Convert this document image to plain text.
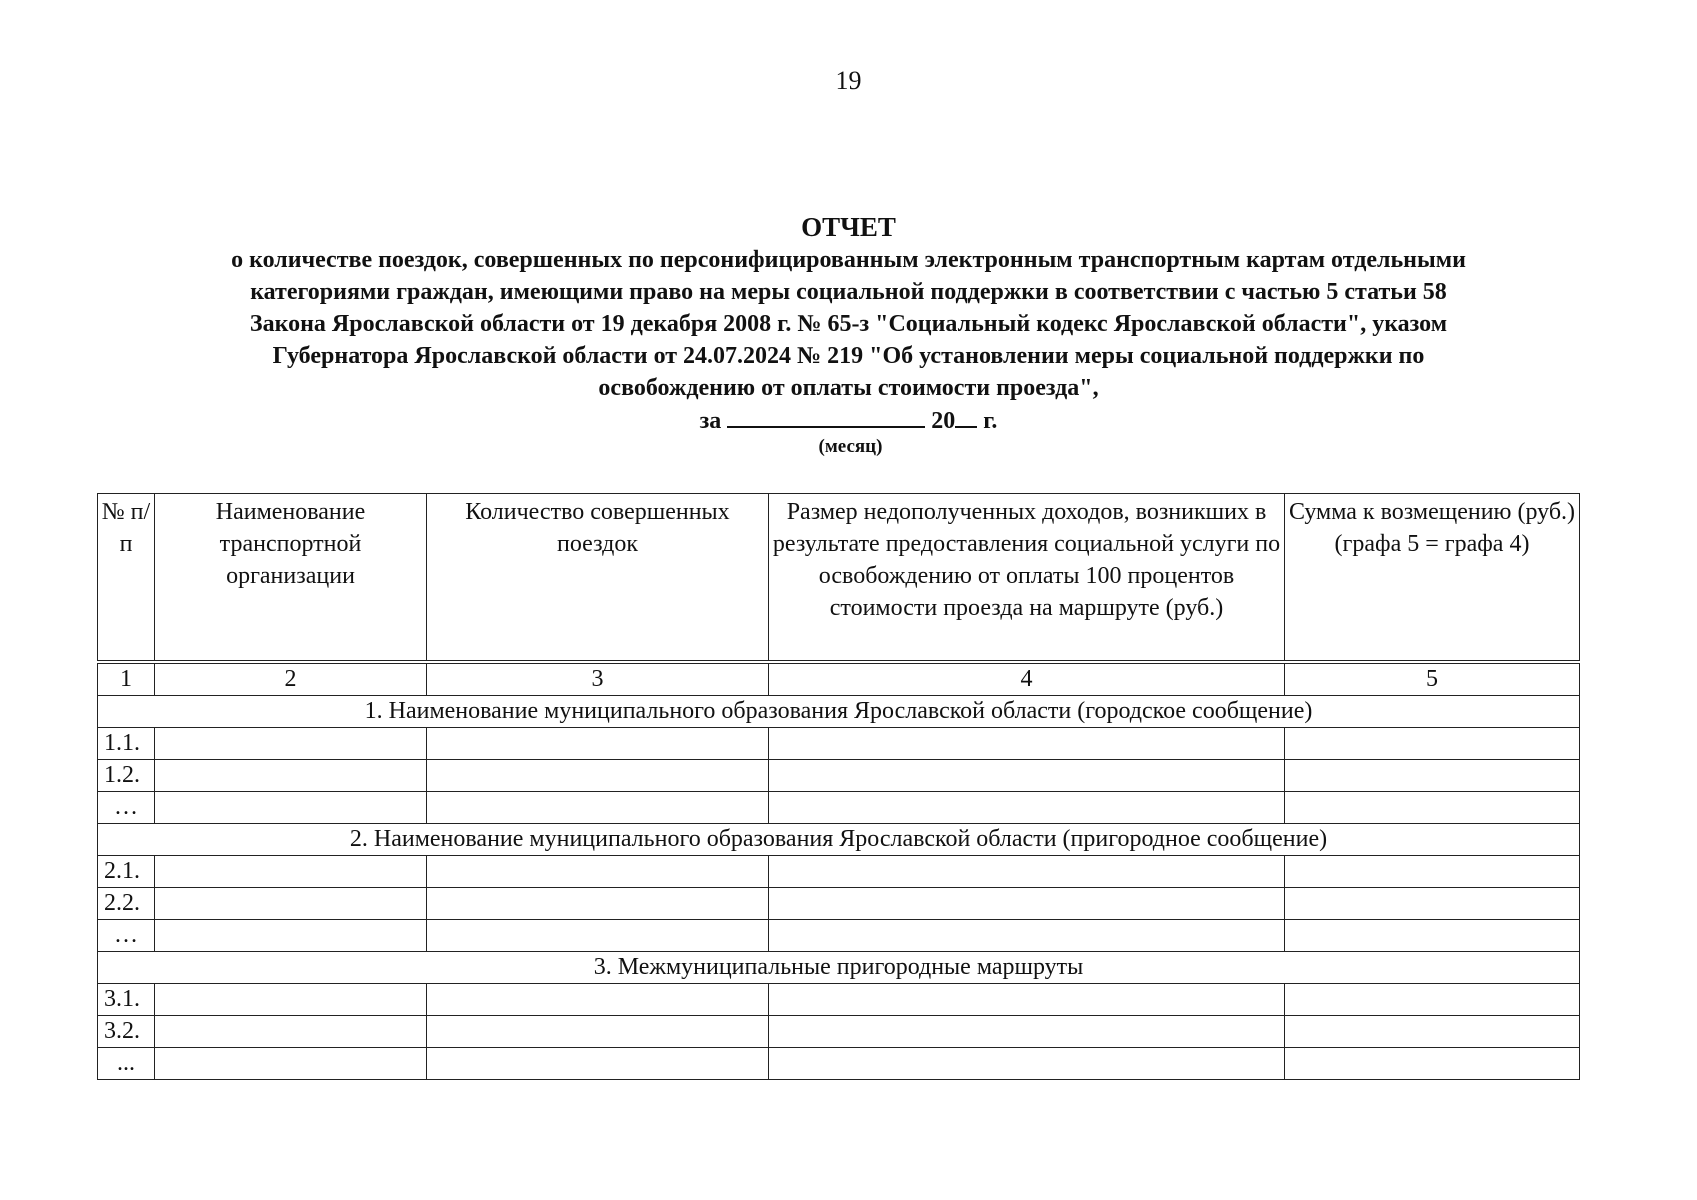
19
ОТЧЕТ
о количестве поездок, совершенных по персонифицированным электронным транспортным картам отдельными
категориями граждан, имеющими право на меры социальной поддержки в соответствии с частью 5 статьи 58
Закона Ярославской области от 19 декабря 2008 г. № 65-з "Социальный кодекс Ярославской области", указом
Губернатора Ярославской области от 24.07.2024 № 219 "Об установлении меры социальной поддержки по
освобождению от оплаты стоимости проезда",
за	20 г.
(месяц)
№ п/п	Наименование транспортной организации	Количество совершенных поездок	Размер недополученных доходов, возникших в результате предоставления социальной услуги по освобождению от оплаты 100 процентов стоимости проезда на маршруте (руб.)	Сумма к возмещению (руб.) (графа 5 = графа 4)
1	2	3	4	5
1. Наименование муниципального образования Ярославской области (городское сообщение)				
1.1.				
1.2.				
…				
2. Наименование муниципального образования Ярославской области (пригородное сообщение)				
2.1.				
2.2.				
…				
3. Межмуниципальные пригородные маршруты				
3.1.				
3.2.				
...				
